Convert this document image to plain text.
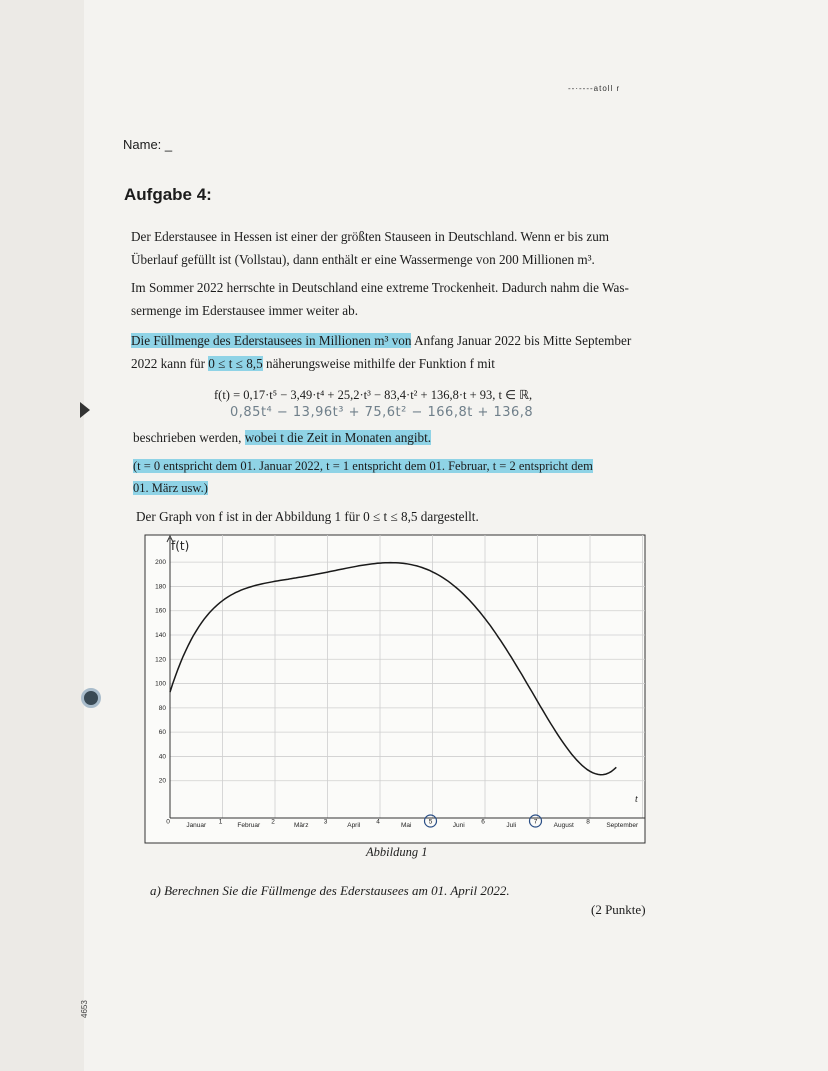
4653
--·----atoll r
Name: _
Aufgabe 4:
Der Ederstausee in Hessen ist einer der größten Stauseen in Deutschland. Wenn er bis zum
Überlauf gefüllt ist (Vollstau), dann enthält er eine Wassermenge von 200 Millionen m³.
Im Sommer 2022 herrschte in Deutschland eine extreme Trockenheit. Dadurch nahm die Was-
sermenge im Ederstausee immer weiter ab.
Die Füllmenge des Ederstausees in Millionen m³ von Anfang Januar 2022 bis Mitte September
2022 kann für 0 ≤ t ≤ 8,5 näherungsweise mithilfe der Funktion f mit
f(t) = 0,17·t⁵ − 3,49·t⁴ + 25,2·t³ − 83,4·t² + 136,8·t + 93, t ∈ ℝ,
0,85t⁴ − 13,96t³ + 75,6t² − 166,8t + 136,8
beschrieben werden, wobei t die Zeit in Monaten angibt.
(t = 0 entspricht dem 01. Januar 2022, t = 1 entspricht dem 01. Februar, t = 2 entspricht dem
01. März usw.)
Der Graph von f ist in der Abbildung 1 für 0 ≤ t ≤ 8,5 dargestellt.
20
40
60
80
100
120
140
160
180
200
0	1	2	3	4	5	6	7	8
Januar	Februar	März	April	Mai	Juni	Juli	August	September
f(t)
t
Abbildung 1
a) Berechnen Sie die Füllmenge des Ederstausees am 01. April 2022.
(2 Punkte)
